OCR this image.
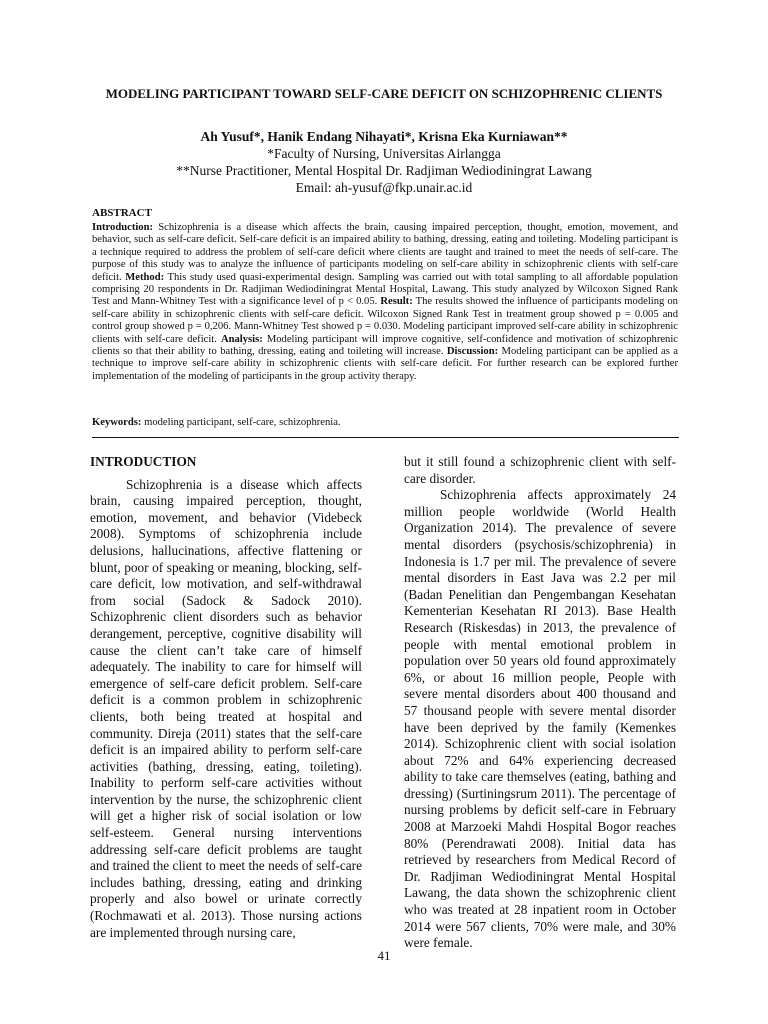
MODELING PARTICIPANT TOWARD SELF-CARE DEFICIT ON SCHIZOPHRENIC CLIENTS
Ah Yusuf*, Hanik Endang Nihayati*, Krisna Eka Kurniawan**
*Faculty of Nursing, Universitas Airlangga
**Nurse Practitioner, Mental Hospital Dr. Radjiman Wediodiningrat Lawang
Email: ah-yusuf@fkp.unair.ac.id
ABSTRACT
Introduction: Schizophrenia is a disease which affects the brain, causing impaired perception, thought, emotion, movement, and behavior, such as self-care deficit. Self-care deficit is an impaired ability to bathing, dressing, eating and toileting. Modeling participant is a technique required to address the problem of self-care deficit where clients are taught and trained to meet the needs of self-care. The purpose of this study was to analyze the influence of participants modeling on self-care ability in schizophrenic clients with self-care deficit. Method: This study used quasi-experimental design. Sampling was carried out with total sampling to all affordable population comprising 20 respondents in Dr. Radjiman Wediodiningrat Mental Hospital, Lawang. This study analyzed by Wilcoxon Signed Rank Test and Mann-Whitney Test with a significance level of p < 0.05. Result: The results showed the influence of participants modeling on self-care ability in schizophrenic clients with self-care deficit. Wilcoxon Signed Rank Test in treatment group showed p = 0.005 and control group showed p = 0,206. Mann-Whitney Test showed p = 0.030. Modeling participant improved self-care ability in schizophrenic clients with self-care deficit. Analysis: Modeling participant will improve cognitive, self-confidence and motivation of schizophrenic clients so that their ability to bathing, dressing, eating and toileting will increase. Discussion: Modeling participant can be applied as a technique to improve self-care ability in schizophrenic clients with self-care deficit. For further research can be explored further implementation of the modeling of participants in the group activity therapy.
Keywords: modeling participant, self-care, schizophrenia.
INTRODUCTION

Schizophrenia is a disease which affects brain, causing impaired perception, thought, emotion, movement, and behavior (Videbeck 2008). Symptoms of schizophrenia include delusions, hallucinations, affective flattening or blunt, poor of speaking or meaning, blocking, self-care deficit, low motivation, and self-withdrawal from social (Sadock & Sadock 2010). Schizophrenic client disorders such as behavior derangement, perceptive, cognitive disability will cause the client can’t take care of himself adequately. The inability to care for himself will emergence of self-care deficit problem. Self-care deficit is a common problem in schizophrenic clients, both being treated at hospital and community. Direja (2011) states that the self-care deficit is an impaired ability to perform self-care activities (bathing, dressing, eating, toileting). Inability to perform self-care activities without intervention by the nurse, the schizophrenic client will get a higher risk of social isolation or low self-esteem. General nursing interventions addressing self-care deficit problems are taught and trained the client to meet the needs of self-care includes bathing, dressing, eating and drinking properly and also bowel or urinate correctly (Rochmawati et al. 2013). Those nursing actions are implemented through nursing care,

but it still found a schizophrenic client with self-care disorder.

Schizophrenia affects approximately 24 million people worldwide (World Health Organization 2014). The prevalence of severe mental disorders (psychosis/schizophrenia) in Indonesia is 1.7 per mil. The prevalence of severe mental disorders in East Java was 2.2 per mil (Badan Penelitian dan Pengembangan Kesehatan Kementerian Kesehatan RI 2013). Base Health Research (Riskesdas) in 2013, the prevalence of people with mental emotional problem in population over 50 years old found approximately 6%, or about 16 million people, People with severe mental disorders about 400 thousand and 57 thousand people with severe mental disorder have been deprived by the family (Kemenkes 2014). Schizophrenic client with social isolation about 72% and 64% experiencing decreased ability to take care themselves (eating, bathing and dressing) (Surtiningsrum 2011). The percentage of nursing problems by deficit self-care in February 2008 at Marzoeki Mahdi Hospital Bogor reaches 80% (Perendrawati 2008). Initial data has retrieved by researchers from Medical Record of Dr. Radjiman Wediodiningrat Mental Hospital Lawang, the data shown the schizophrenic client who was treated at 28 inpatient room in October 2014 were 567 clients, 70% were male, and 30% were female.

41
